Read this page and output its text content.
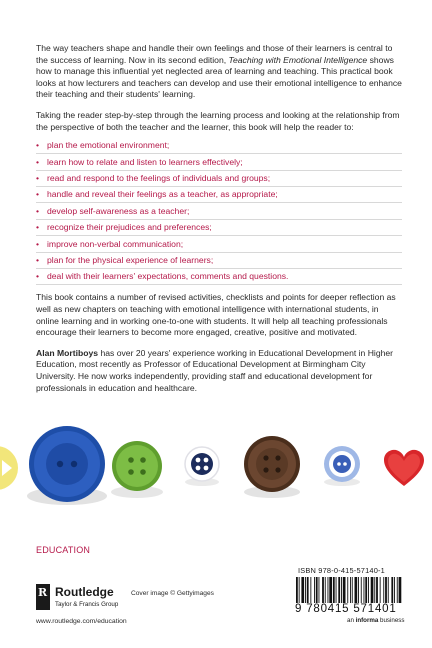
The way teachers shape and handle their own feelings and those of their learners is central to the success of learning. Now in its second edition, Teaching with Emotional Intelligence shows how to manage this influential yet neglected area of learning and teaching. This practical book looks at how lecturers and teachers can develop and use their emotional intelligence to enhance their teaching and their students' learning.

Taking the reader step-by-step through the learning process and looking at the relationship from the perspective of both the teacher and the learner, this book will help the reader to:

• plan the emotional environment;
• learn how to relate and listen to learners effectively;
• read and respond to the feelings of individuals and groups;
• handle and reveal their feelings as a teacher, as appropriate;
• develop self-awareness as a teacher;
• recognize their prejudices and preferences;
• improve non-verbal communication;
• plan for the physical experience of learners;
• deal with their learners' expectations, comments and questions.

This book contains a number of revised activities, checklists and points for deeper reflection as well as new chapters on teaching with emotional intelligence with international students, in online learning and in working one-to-one with students. It will help all teaching professionals encourage their learners to become more engaged, creative, positive and motivated.

Alan Mortiboys has over 20 years' experience working in Educational Development in Higher Education, most recently as Professor of Educational Development at Birmingham City University. He now works independently, providing staff and educational development for professionals in education and healthcare.

EDUCATION
R Routledge
Taylor & Francis Group
www.routledge.com/education
Cover image © Gettyimages
ISBN 978-0-415-57140-1
9 780415 571401
an informa business
